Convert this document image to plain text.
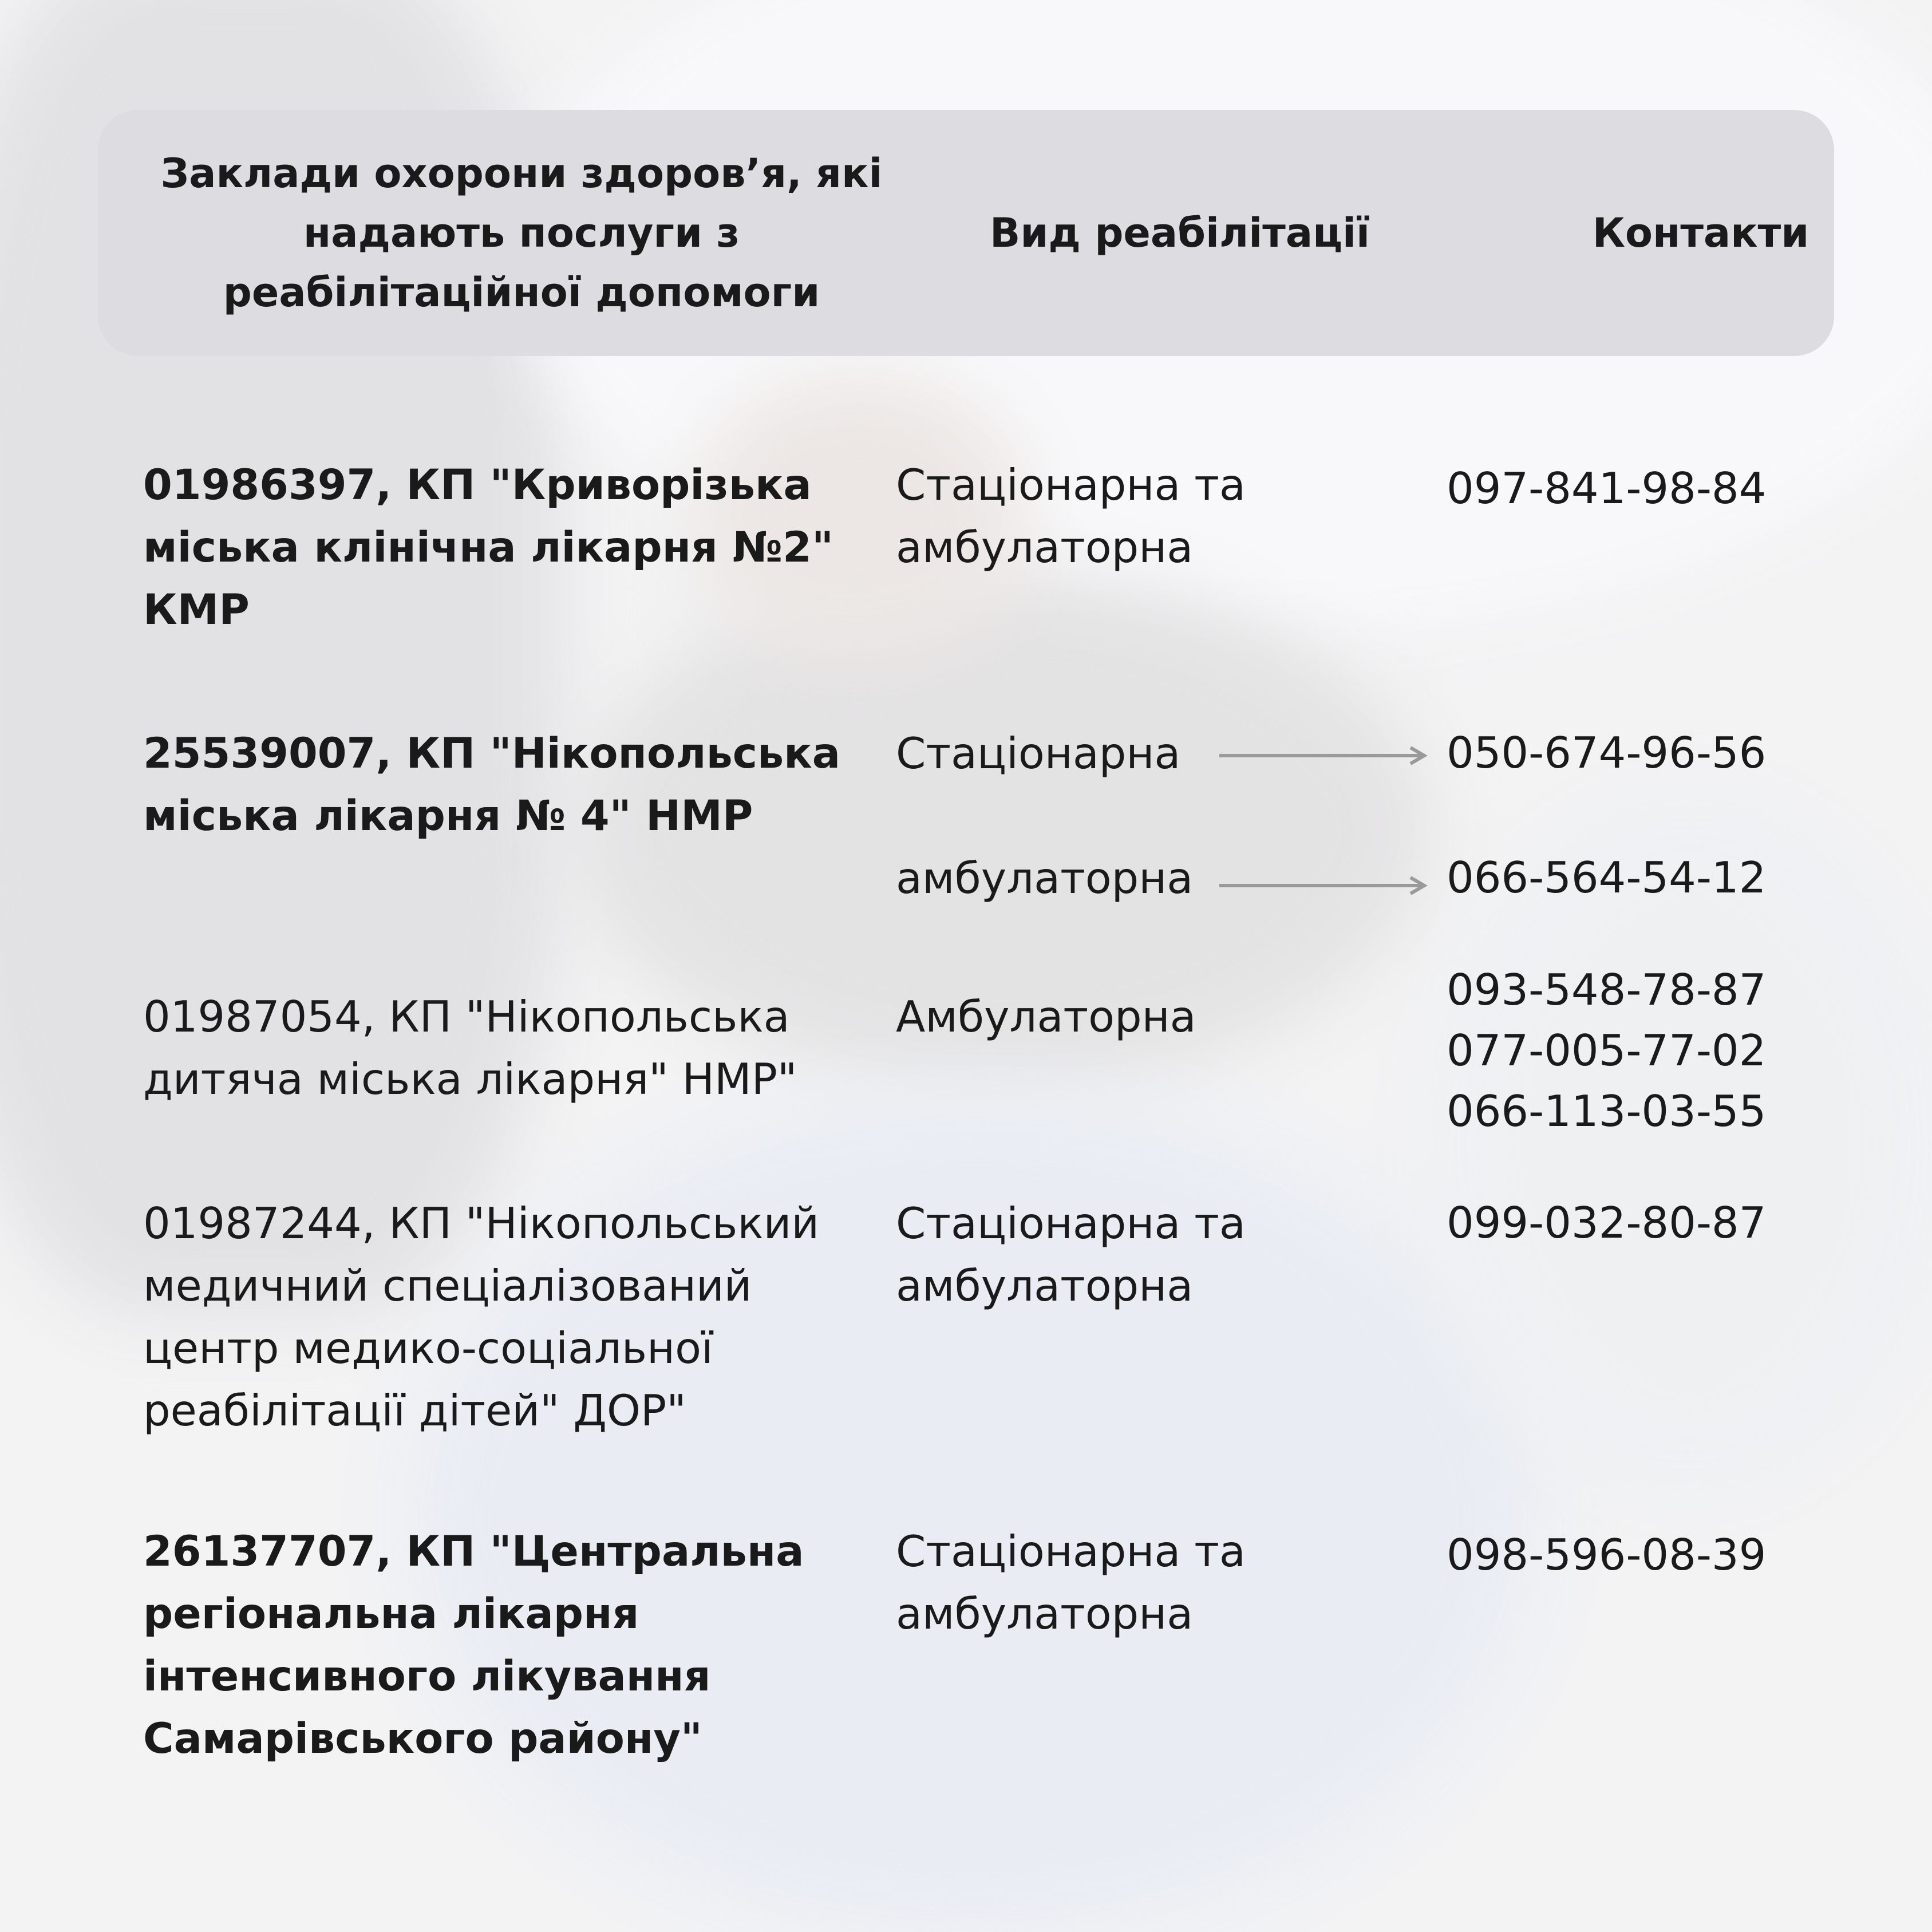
Заклади охорони здоров’я, які надають послуги з реабілітаційної допомоги
Вид реабілітації	Контакти
01986397, КП "Криворізька міська клінічна лікарня №2" КМР
Стаціонарна та амбулаторна
097-841-98-84
25539007, КП "Нікопольська міська лікарня № 4" НМР
Стаціонарна
амбулаторна
050-674-96-56
066-564-54-12
01987054, КП "Нікопольська дитяча міська лікарня" НМР"
Амбулаторна
093-548-78-87
077-005-77-02
066-113-03-55
01987244, КП "Нікопольський медичний спеціалізований центр медико-соціальної реабілітації дітей" ДОР"
Стаціонарна та амбулаторна
099-032-80-87
26137707, КП "Центральна регіональна лікарня інтенсивного лікування Самарівського району"
Стаціонарна та амбулаторна
098-596-08-39
